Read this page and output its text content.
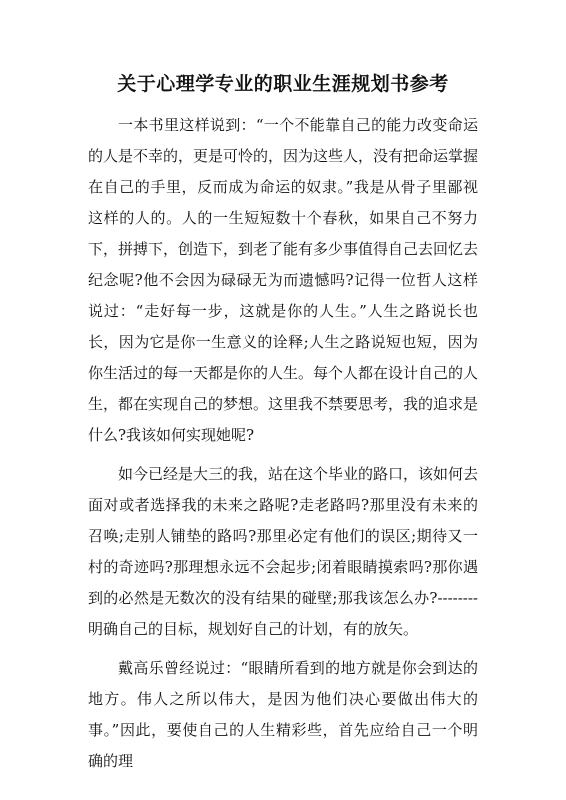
关于心理学专业的职业生涯规划书参考

一本书里这样说到：“一个不能靠自己的能力改变命运的人是不幸的，更是可怜的，因为这些人，没有把命运掌握在自己的手里，反而成为命运的奴隶。”我是从骨子里鄙视这样的人的。人的一生短短数十个春秋，如果自己不努力下，拼搏下，创造下，到老了能有多少事值得自己去回忆去纪念呢?他不会因为碌碌无为而遗憾吗?记得一位哲人这样说过：“走好每一步，这就是你的人生。”人生之路说长也长，因为它是你一生意义的诠释;人生之路说短也短，因为你生活过的每一天都是你的人生。每个人都在设计自己的人生，都在实现自己的梦想。这里我不禁要思考，我的追求是什么?我该如何实现她呢?

如今已经是大三的我，站在这个毕业的路口，该如何去面对或者选择我的未来之路呢?走老路吗?那里没有未来的召唤;走别人铺垫的路吗?那里必定有他们的误区;期待又一村的奇迹吗?那理想永远不会起步;闭着眼睛摸索吗?那你遇到的必然是无数次的没有结果的碰壁;那我该怎么办?--------明确自己的目标，规划好自己的计划，有的放矢。

戴高乐曾经说过：“眼睛所看到的地方就是你会到达的地方。伟人之所以伟大，是因为他们决心要做出伟大的事。”因此，要使自己的人生精彩些，首先应给自己一个明确的理
